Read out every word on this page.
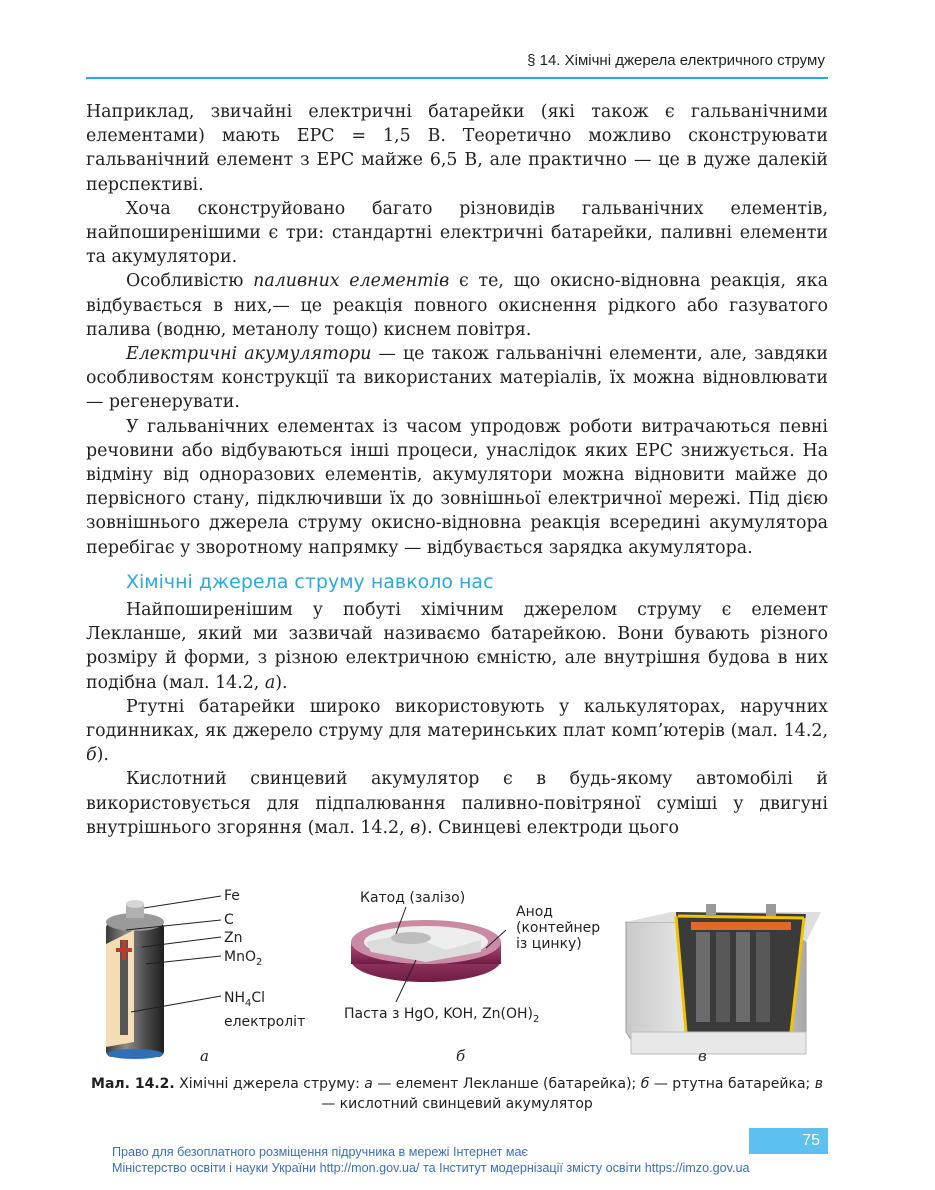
§ 14. Хімічні джерела електричного струму

Наприклад, звичайні електричні батарейки (які також є гальванічними елементами) мають ЕРС = 1,5 В. Теоретично можливо сконструювати гальванічний елемент з ЕРС майже 6,5 В, але практично — це в дуже далекій перспективі.

Хоча сконструйовано багато різновидів гальванічних елементів, найпоширенішими є три: стандартні електричні батарейки, паливні елементи та акумулятори.

Особливістю паливних елементів є те, що окисно-відновна реакція, яка відбувається в них,— це реакція повного окиснення рідкого або газуватого палива (водню, метанолу тощо) киснем повітря.

Електричні акумулятори — це також гальванічні елементи, але, завдяки особливостям конструкції та використаних матеріалів, їх можна відновлювати — регенерувати.

У гальванічних елементах із часом упродовж роботи витрачаються певні речовини або відбуваються інші процеси, унаслідок яких ЕРС знижується. На відміну від одноразових елементів, акумулятори можна відновити майже до первісного стану, підключивши їх до зовнішньої електричної мережі. Під дією зовнішнього джерела струму окисно-відновна реакція всередині акумулятора перебігає у зворотному напрямку — відбувається зарядка акумулятора.

Хімічні джерела струму навколо нас

Найпоширенішим у побуті хімічним джерелом струму є елемент Лекланше, який ми зазвичай називаємо батарейкою. Вони бувають різного розміру й форми, з різною електричною ємністю, але внутрішня будова в них подібна (мал. 14.2, а).

Ртутні батарейки широко використовують у калькуляторах, наручних годинниках, як джерело струму для материнських плат комп’ютерів (мал. 14.2, б).

Кислотний свинцевий акумулятор є в будь-якому автомобілі й використовується для підпалювання паливно-повітряної суміші у двигуні внутрішнього згоряння (мал. 14.2, в). Свинцеві електроди цього

Fe
C
Zn
MnO$_2$
$NH_4Cl$
електроліт
а
Катод (залізо)
Анод
(контейнер
із цинку)
Паста з HgO, KOH, $Zn(OH)_2$
б	в
Мал. 14.2. Хімічні джерела струму: а — елемент Лекланше (батарейка); б — ртутна батарейка; в — кислотний свинцевий акумулятор
75
Право для безоплатного розміщення підручника в мережі Інтернет має
Міністерство освіти і науки України http://mon.gov.ua/ та Інститут модернізації змісту освіти https://imzo.gov.ua
